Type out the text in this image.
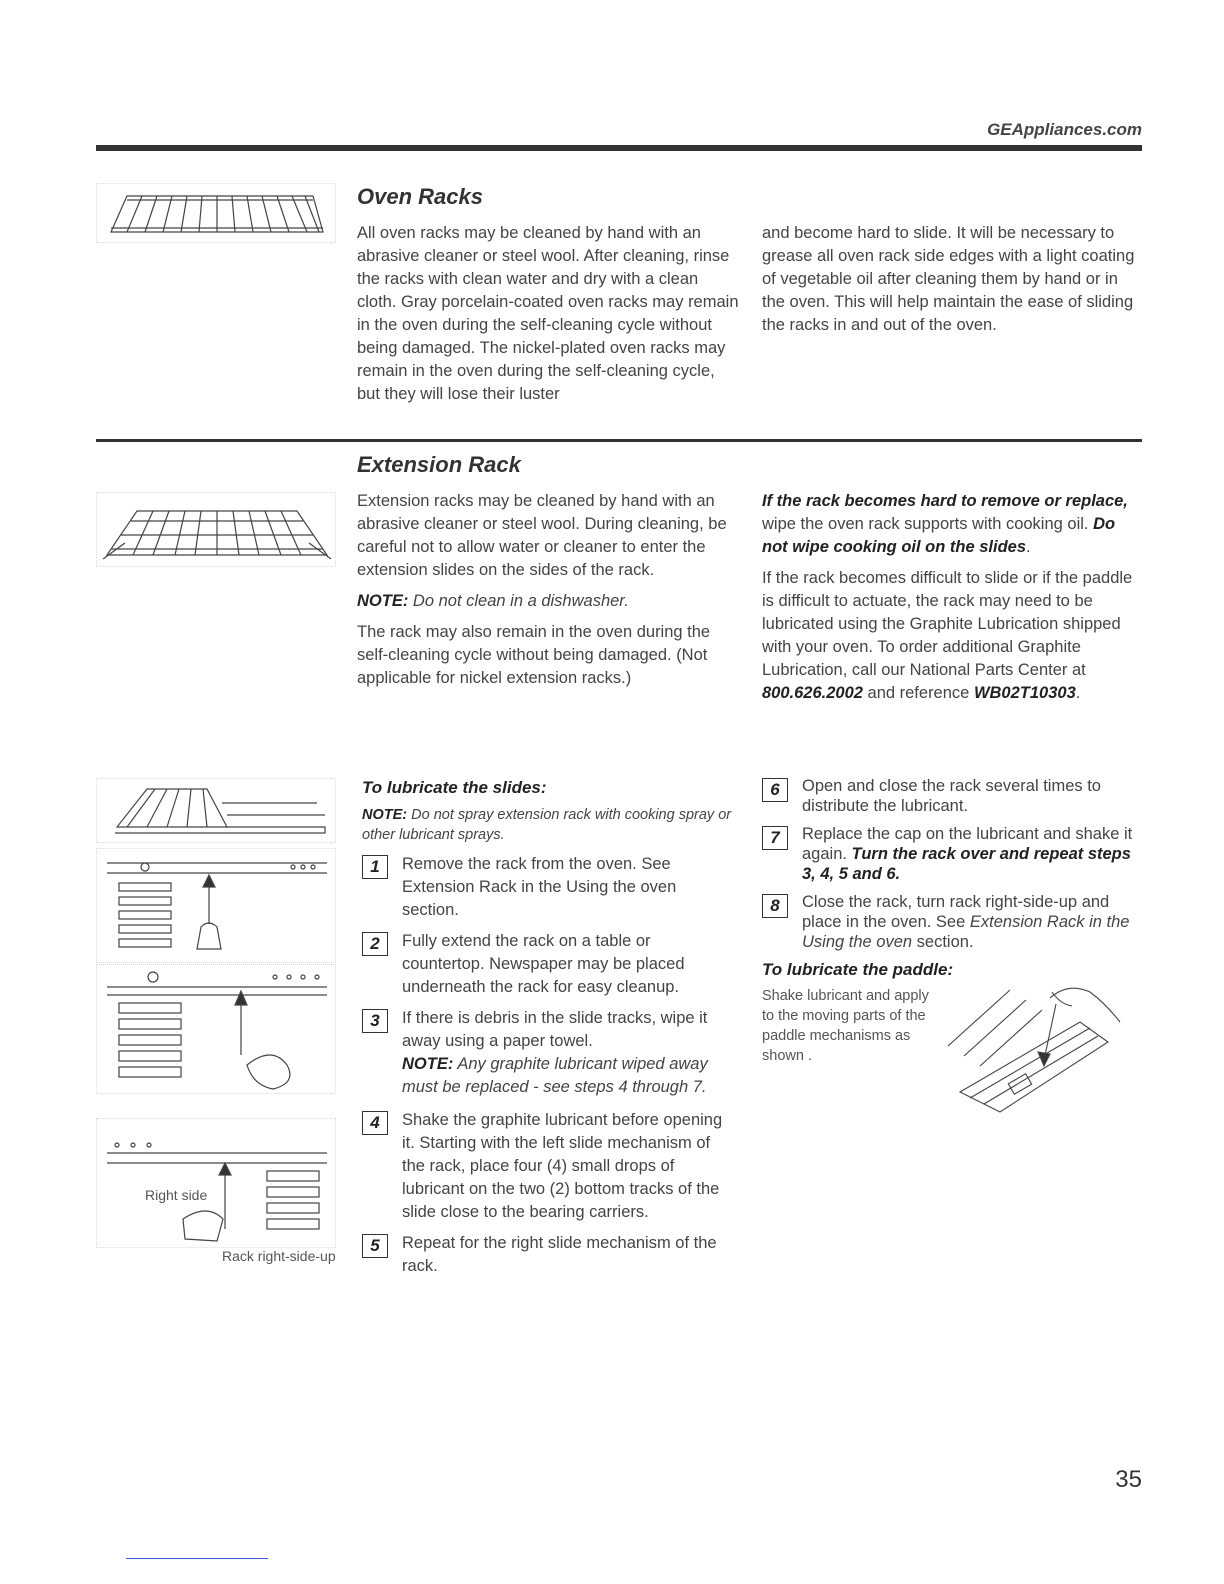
GEAppliances.com
Oven Racks
All oven racks may be cleaned by hand with an abrasive cleaner or steel wool. After cleaning, rinse the racks with clean water and dry with a clean cloth. Gray porcelain-coated oven racks may remain in the oven during the self-cleaning cycle without being damaged. The nickel-plated oven racks may remain in the oven during the self-cleaning cycle, but they will lose their luster
and become hard to slide. It will be necessary to grease all oven rack side edges with a light coating of vegetable oil after cleaning them by hand or in the oven. This will help maintain the ease of sliding the racks in and out of the oven.
Extension Rack

Extension racks may be cleaned by hand with an abrasive cleaner or steel wool. During cleaning, be careful not to allow water or cleaner to enter the extension slides on the sides of the rack.

NOTE: Do not clean in a dishwasher.

The rack may also remain in the oven during the self-cleaning cycle without being damaged. (Not applicable for nickel extension racks.)

If the rack becomes hard to remove or replace, wipe the oven rack supports with cooking oil. Do not wipe cooking oil on the slides.

If the rack becomes difficult to slide or if the paddle is difficult to actuate, the rack may need to be lubricated using the Graphite Lubrication shipped with your oven. To order additional Graphite Lubrication, call our National Parts Center at 800.626.2002 and reference WB02T10303.

Right side
Rack right-side-up
To lubricate the slides:
NOTE: Do not spray extension rack with cooking spray or other lubricant sprays.
1	Remove the rack from the oven. See Extension Rack in the Using the oven section.
2	Fully extend the rack on a table or countertop. Newspaper may be placed underneath the rack for easy cleanup.
3	If there is debris in the slide tracks, wipe it away using a paper towel.
NOTE: Any graphite lubricant wiped away must be replaced - see steps 4 through 7.
4	Shake the graphite lubricant before opening it. Starting with the left slide mechanism of the rack, place four (4) small drops of lubricant on the two (2) bottom tracks of the slide close to the bearing carriers.
5	Repeat for the right slide mechanism of the rack.
6	Open and close the rack several times to distribute the lubricant.
7	Replace the cap on the lubricant and shake it again. Turn the rack over and repeat steps 3, 4, 5 and 6.
8	Close the rack, turn rack right-side-up and place in the oven. See Extension Rack in the Using the oven section.
To lubricate the paddle:
Shake lubricant and apply to the moving parts of the paddle mechanisms as shown .
35
